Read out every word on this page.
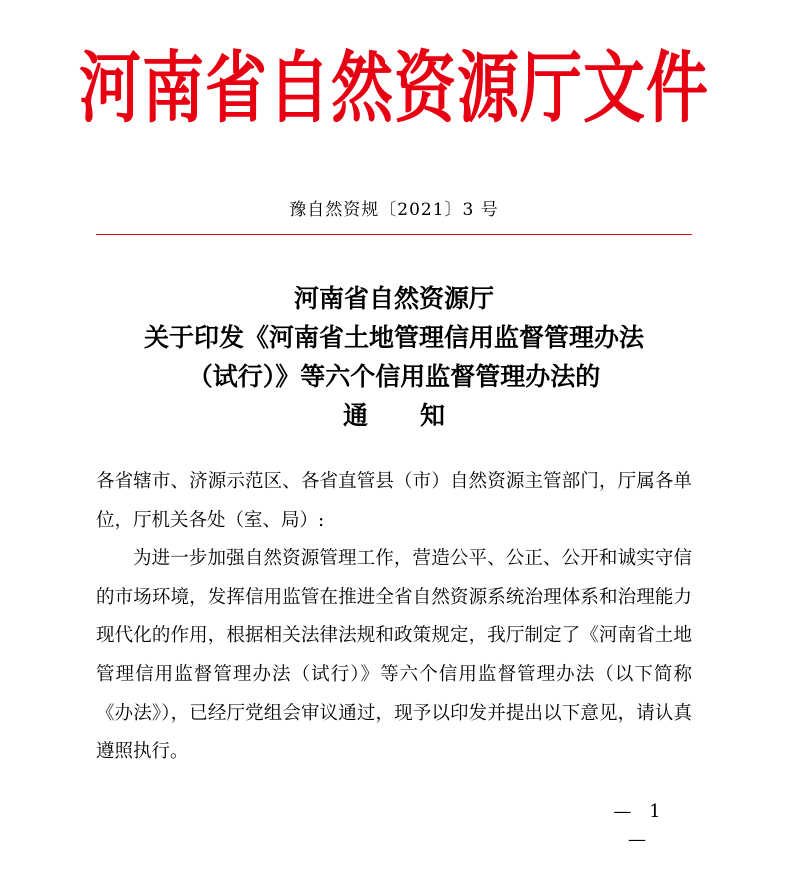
河南省自然资源厅文件
豫自然资规〔2021〕3 号
河南省自然资源厅
关于印发《河南省土地管理信用监督管理办法
（试行）》等六个信用监督管理办法的
通知

各省辖市、济源示范区、各省直管县（市）自然资源主管部门，厅属各单位，厅机关各处（室、局）:

为进一步加强自然资源管理工作，营造公平、公正、公开和诚实守信的市场环境，发挥信用监管在推进全省自然资源系统治理体系和治理能力现代化的作用，根据相关法律法规和政策规定，我厅制定了《河南省土地管理信用监督管理办法（试行）》等六个信用监督管理办法（以下简称《办法》），已经厅党组会审议通过，现予以印发并提出以下意见，请认真遵照执行。

— 1 —
